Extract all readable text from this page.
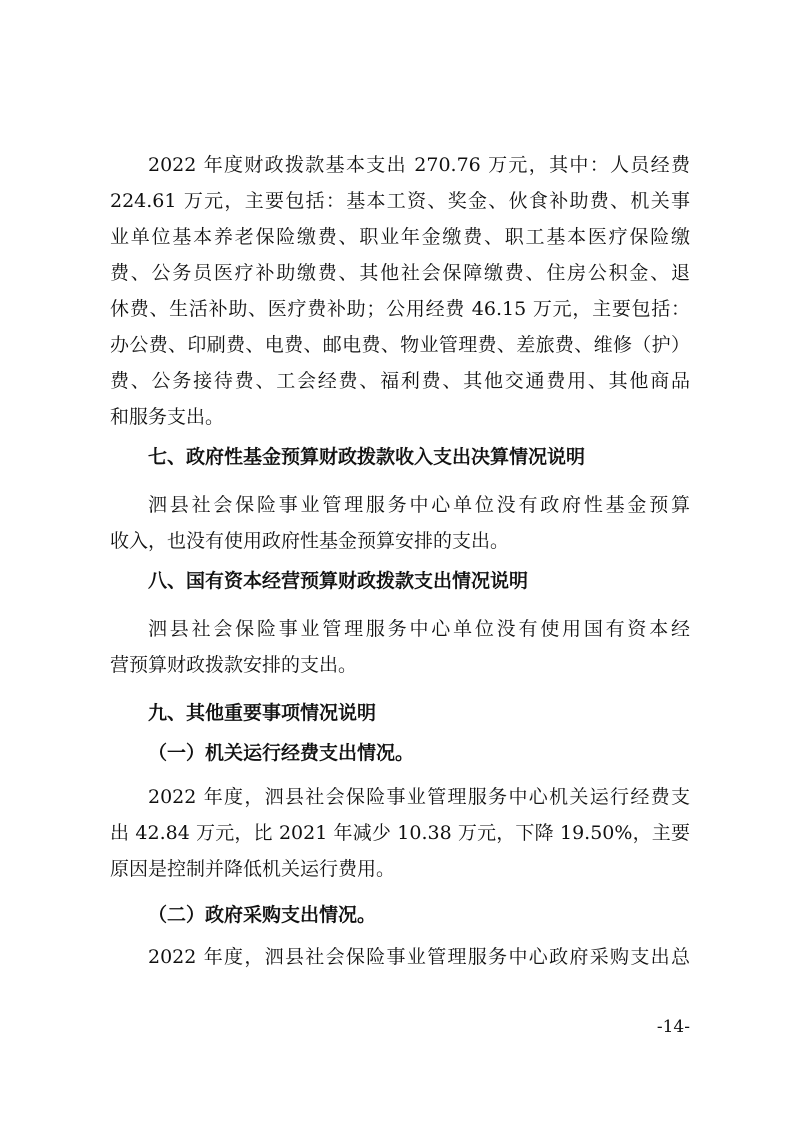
2022 年度财政拨款基本支出 270.76 万元，其中：人员经费
224.61 万元，主要包括：基本工资、奖金、伙食补助费、机关事
业单位基本养老保险缴费、职业年金缴费、职工基本医疗保险缴
费、公务员医疗补助缴费、其他社会保障缴费、住房公积金、退
休费、生活补助、医疗费补助；公用经费 46.15 万元，主要包括：
办公费、印刷费、电费、邮电费、物业管理费、差旅费、维修（护）
费、公务接待费、工会经费、福利费、其他交通费用、其他商品
和服务支出。
七、政府性基金预算财政拨款收入支出决算情况说明
泗县社会保险事业管理服务中心单位没有政府性基金预算
收入，也没有使用政府性基金预算安排的支出。
八、国有资本经营预算财政拨款支出情况说明
泗县社会保险事业管理服务中心单位没有使用国有资本经
营预算财政拨款安排的支出。
九、其他重要事项情况说明
（一）机关运行经费支出情况。
2022 年度，泗县社会保险事业管理服务中心机关运行经费支
出 42.84 万元，比 2021 年减少 10.38 万元，下降 19.50%，主要
原因是控制并降低机关运行费用。
（二）政府采购支出情况。
2022 年度，泗县社会保险事业管理服务中心政府采购支出总
-14-
